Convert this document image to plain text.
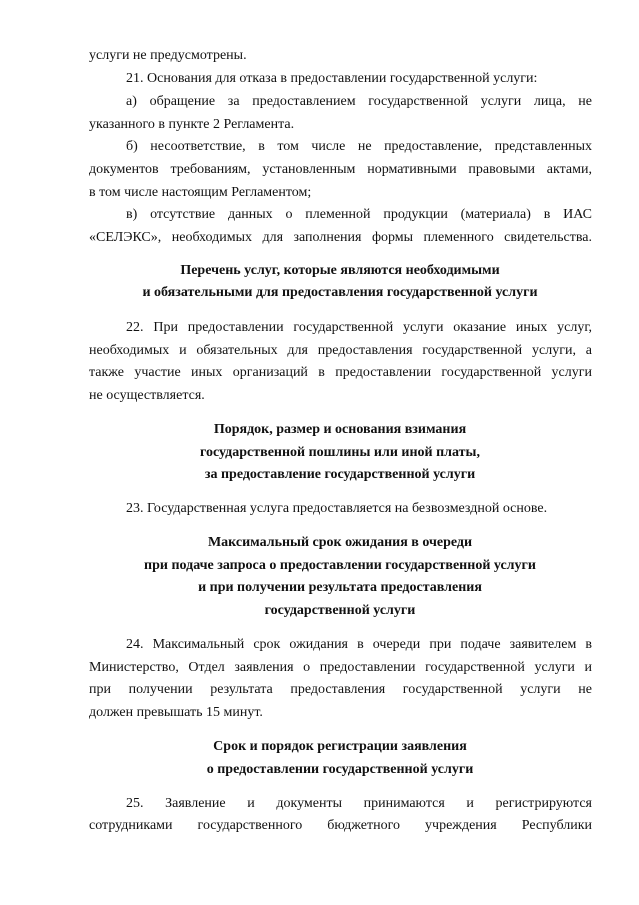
услуги не предусмотрены.
21. Основания для отказа в предоставлении государственной услуги:
а) обращение за предоставлением государственной услуги лица, не
указанного в пункте 2 Регламента.
б) несоответствие, в том числе не предоставление, представленных
документов требованиям, установленным нормативными правовыми актами,
в том числе настоящим Регламентом;
в) отсутствие данных о племенной продукции (материала) в ИАС
«СЕЛЭКС», необходимых для заполнения формы племенного свидетельства.
Перечень услуг, которые являются необходимыми
и обязательными для предоставления государственной услуги
22. При предоставлении государственной услуги оказание иных услуг,
необходимых и обязательных для предоставления государственной услуги, а
также участие иных организаций в предоставлении государственной услуги
не осуществляется.
Порядок, размер и основания взимания
государственной пошлины или иной платы,
за предоставление государственной услуги
23. Государственная услуга предоставляется на безвозмездной основе.
Максимальный срок ожидания в очереди
при подаче запроса о предоставлении государственной услуги
и при получении результата предоставления
государственной услуги
24. Максимальный срок ожидания в очереди при подаче заявителем в
Министерство, Отдел заявления о предоставлении государственной услуги и
при получении результата предоставления государственной услуги не
должен превышать 15 минут.
Срок и порядок регистрации заявления
о предоставлении государственной услуги
25. Заявление и документы принимаются и регистрируются
сотрудниками государственного бюджетного учреждения Республики
